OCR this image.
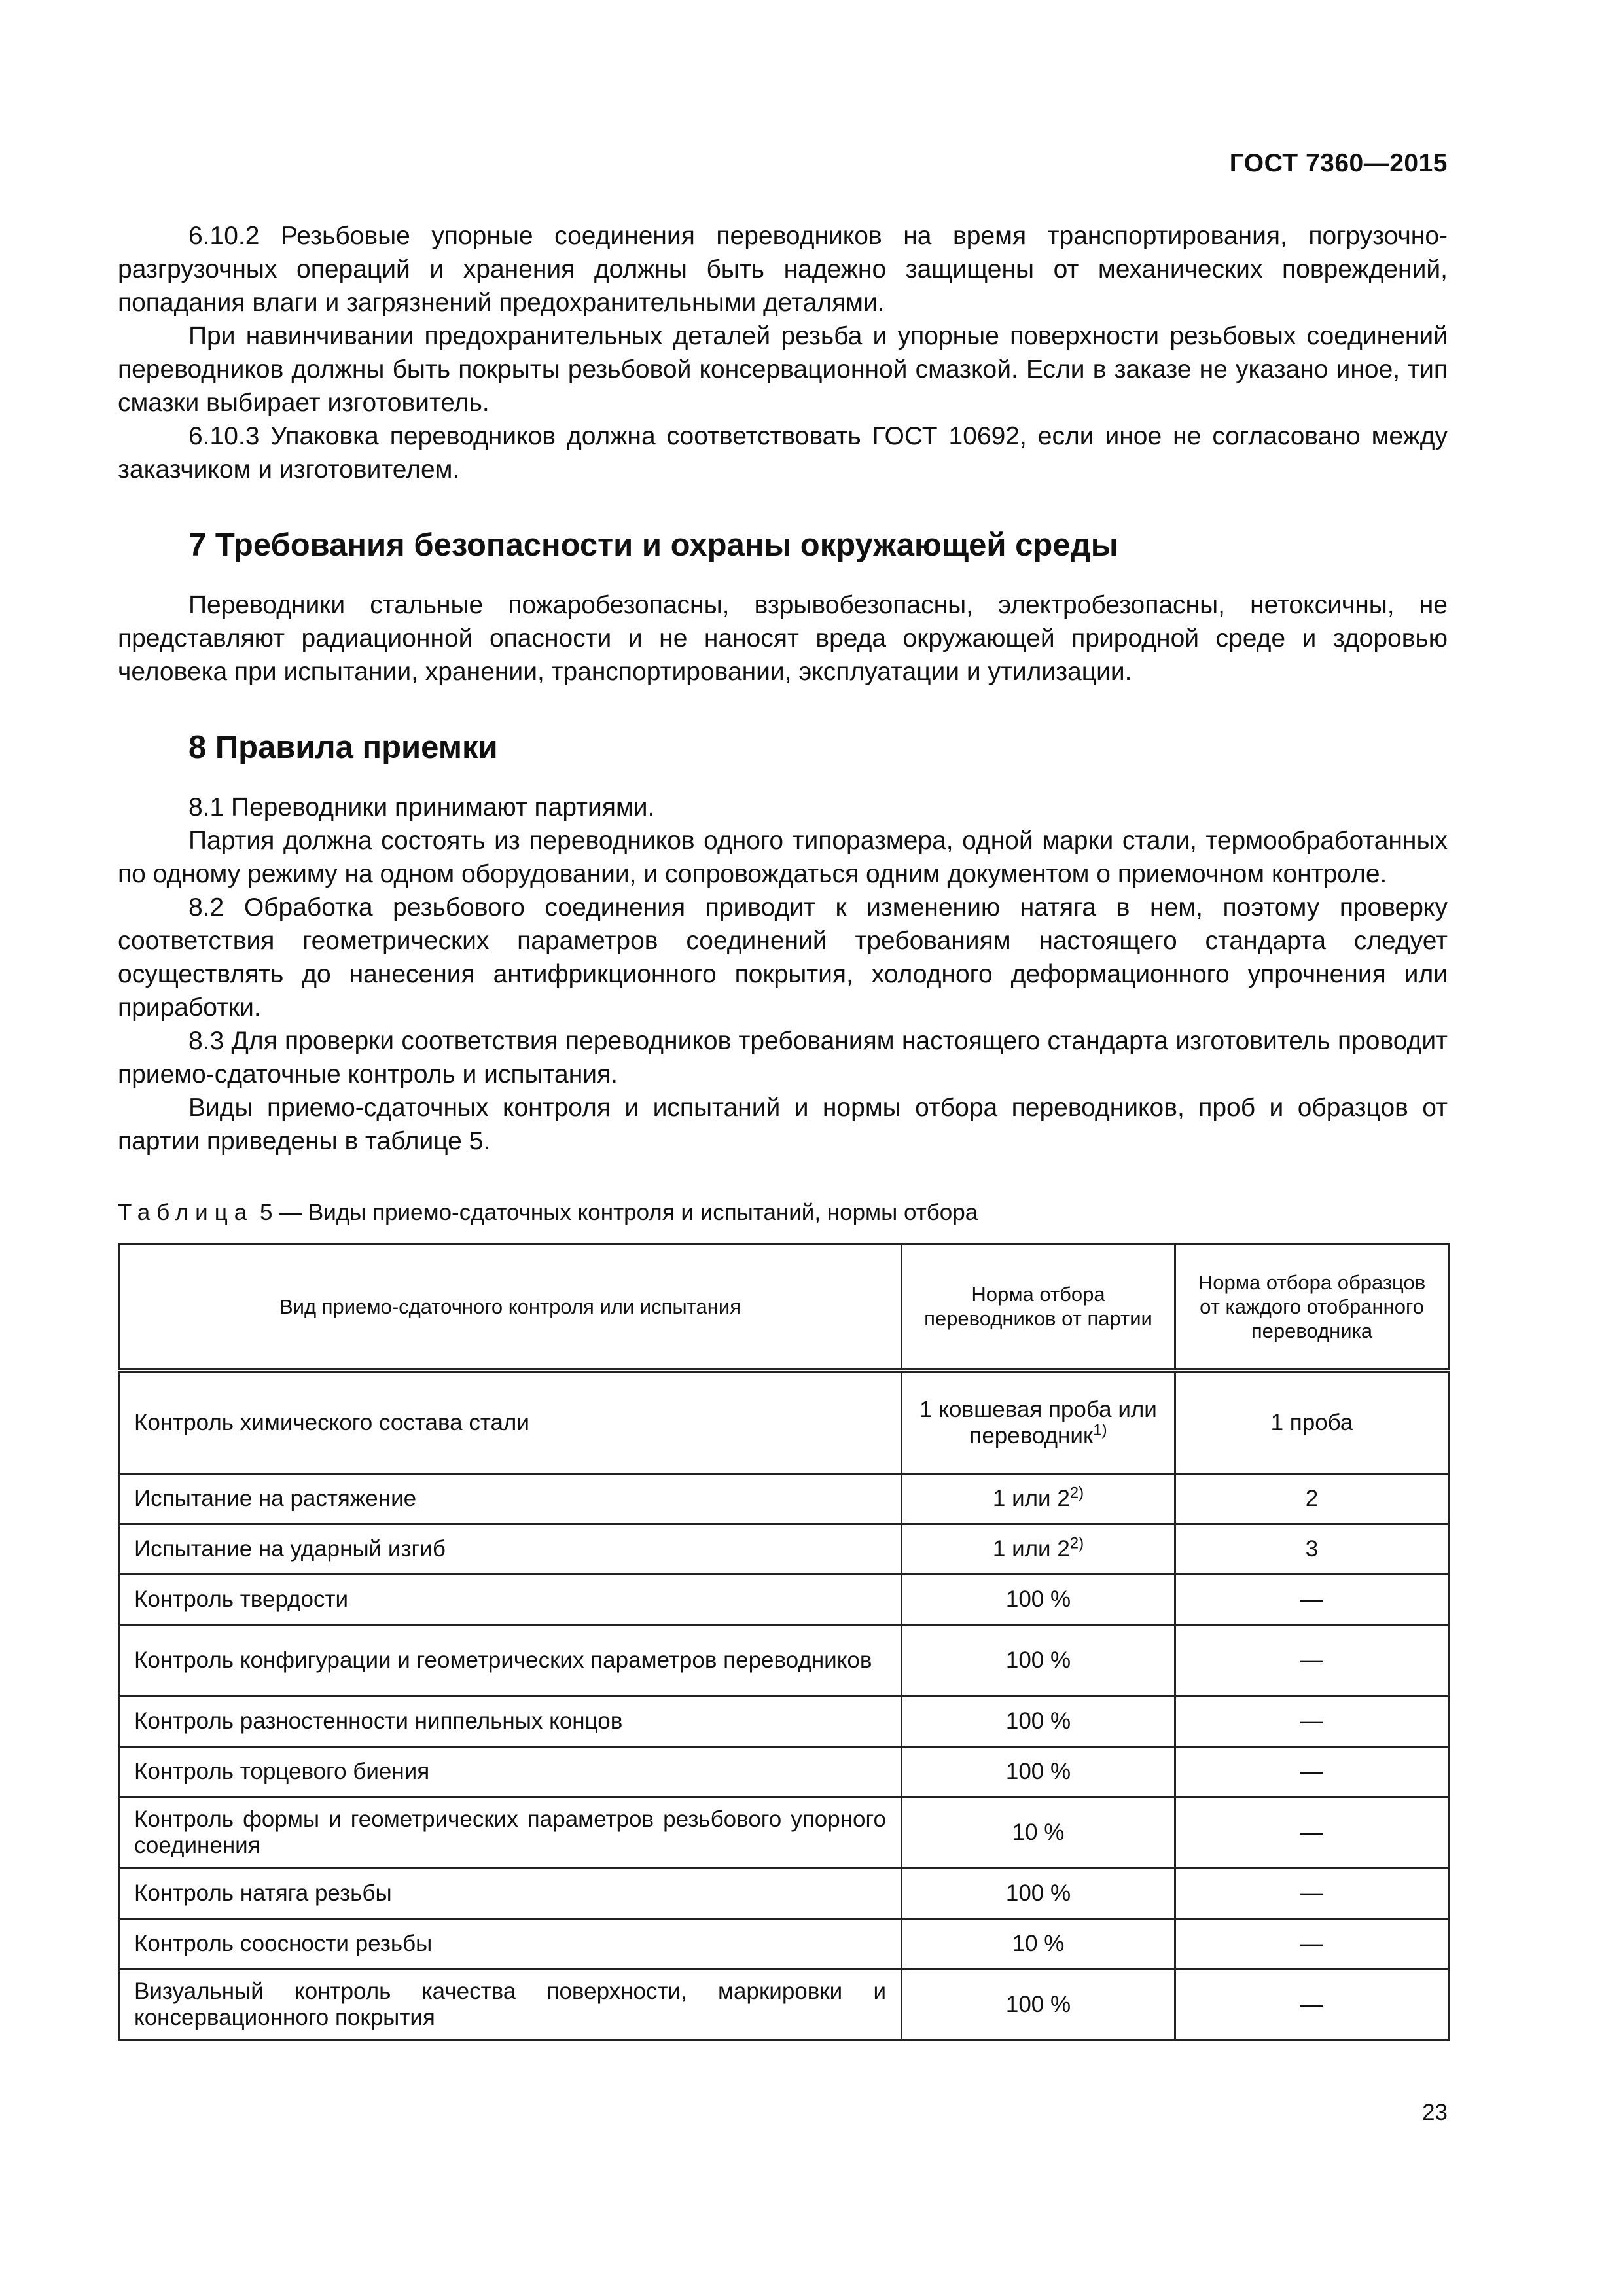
ГОСТ 7360—2015

6.10.2 Резьбовые упорные соединения переводников на время транспортирования, погрузочно-разгрузочных операций и хранения должны быть надежно защищены от механических повреждений, попадания влаги и загрязнений предохранительными деталями.

При навинчивании предохранительных деталей резьба и упорные поверхности резьбовых соединений переводников должны быть покрыты резьбовой консервационной смазкой. Если в заказе не указано иное, тип смазки выбирает изготовитель.

6.10.3 Упаковка переводников должна соответствовать ГОСТ 10692, если иное не согласовано между заказчиком и изготовителем.

7 Требования безопасности и охраны окружающей среды

Переводники стальные пожаробезопасны, взрывобезопасны, электробезопасны, нетоксичны, не представляют радиационной опасности и не наносят вреда окружающей природной среде и здоровью человека при испытании, хранении, транспортировании, эксплуатации и утилизации.

8 Правила приемки

8.1 Переводники принимают партиями.

Партия должна состоять из переводников одного типоразмера, одной марки стали, термообработанных по одному режиму на одном оборудовании, и сопровождаться одним документом о приемочном контроле.

8.2 Обработка резьбового соединения приводит к изменению натяга в нем, поэтому проверку соответствия геометрических параметров соединений требованиям настоящего стандарта следует осуществлять до нанесения антифрикционного покрытия, холодного деформационного упрочнения или приработки.

8.3 Для проверки соответствия переводников требованиям настоящего стандарта изготовитель проводит приемо-сдаточные контроль и испытания.

Виды приемо-сдаточных контроля и испытаний и нормы отбора переводников, проб и образцов от партии приведены в таблице 5.

Таблица 5 — Виды приемо-сдаточных контроля и испытаний, нормы отбора
Вид приемо-сдаточного контроля или испытания	Норма отбора переводников от партии	Норма отбора образцов от каждого отобранного переводника
Контроль химического состава стали	1 ковшевая проба или переводник$^{1)}$	1 проба
Испытание на растяжение	1 или 2$^{2)}$	2
Испытание на ударный изгиб	1 или 2$^{2)}$	3
Контроль твердости	100 %	—
Контроль конфигурации и геометрических параметров переводников	100 %	—
Контроль разностенности ниппельных концов	100 %	—
Контроль торцевого биения	100 %	—
Контроль формы и геометрических параметров резьбового упорного соединения	10 %	—
Контроль натяга резьбы	100 %	—
Контроль соосности резьбы	10 %	—
Визуальный контроль качества поверхности, маркировки и консервационного покрытия	100 %	—
23
